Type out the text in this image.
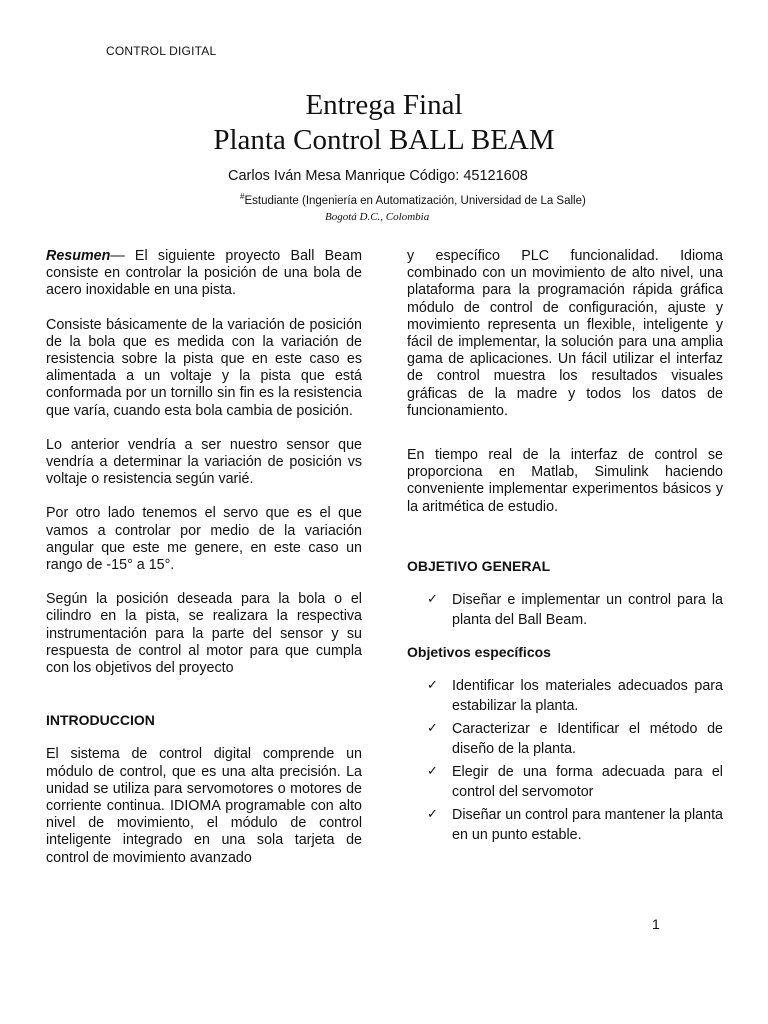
CONTROL DIGITAL
Entrega Final
Planta Control BALL BEAM
Carlos Iván Mesa Manrique Código: 45121608
#Estudiante (Ingeniería en Automatización, Universidad de La Salle)
Bogotá D.C., Colombia

Resumen— El siguiente proyecto Ball Beam consiste en controlar la posición de una bola de acero inoxidable en una pista.

Consiste básicamente de la variación de posición de la bola que es medida con la variación de resistencia sobre la pista que en este caso es alimentada a un voltaje y la pista que está conformada por un tornillo sin fin es la resistencia que varía, cuando esta bola cambia de posición.

Lo anterior vendría a ser nuestro sensor que vendría a determinar la variación de posición vs voltaje o resistencia según varié.

Por otro lado tenemos el servo que es el que vamos a controlar por medio de la variación angular que este me genere, en este caso un rango de -15° a 15°.

Según la posición deseada para la bola o el cilindro en la pista, se realizara la respectiva instrumentación para la parte del sensor y su respuesta de control al motor para que cumpla con los objetivos del proyecto

INTRODUCCION

El sistema de control digital comprende un módulo de control, que es una alta precisión. La unidad se utiliza para servomotores o motores de corriente continua. IDIOMA programable con alto nivel de movimiento, el módulo de control inteligente integrado en una sola tarjeta de control de movimiento avanzado

y específico PLC funcionalidad. Idioma combinado con un movimiento de alto nivel, una plataforma para la programación rápida gráfica módulo de control de configuración, ajuste y movimiento representa un flexible, inteligente y fácil de implementar, la solución para una amplia gama de aplicaciones. Un fácil utilizar el interfaz de control muestra los resultados visuales gráficas de la madre y todos los datos de funcionamiento.

En tiempo real de la interfaz de control se proporciona en Matlab, Simulink haciendo conveniente implementar experimentos básicos y la aritmética de estudio.

OBJETIVO GENERAL

✓ Diseñar e implementar un control para la planta del Ball Beam.

Objetivos específicos

✓ Identificar los materiales adecuados para estabilizar la planta.
✓ Caracterizar e Identificar el método de diseño de la planta.
✓ Elegir de una forma adecuada para el control del servomotor
✓ Diseñar un control para mantener la planta en un punto estable.
1
